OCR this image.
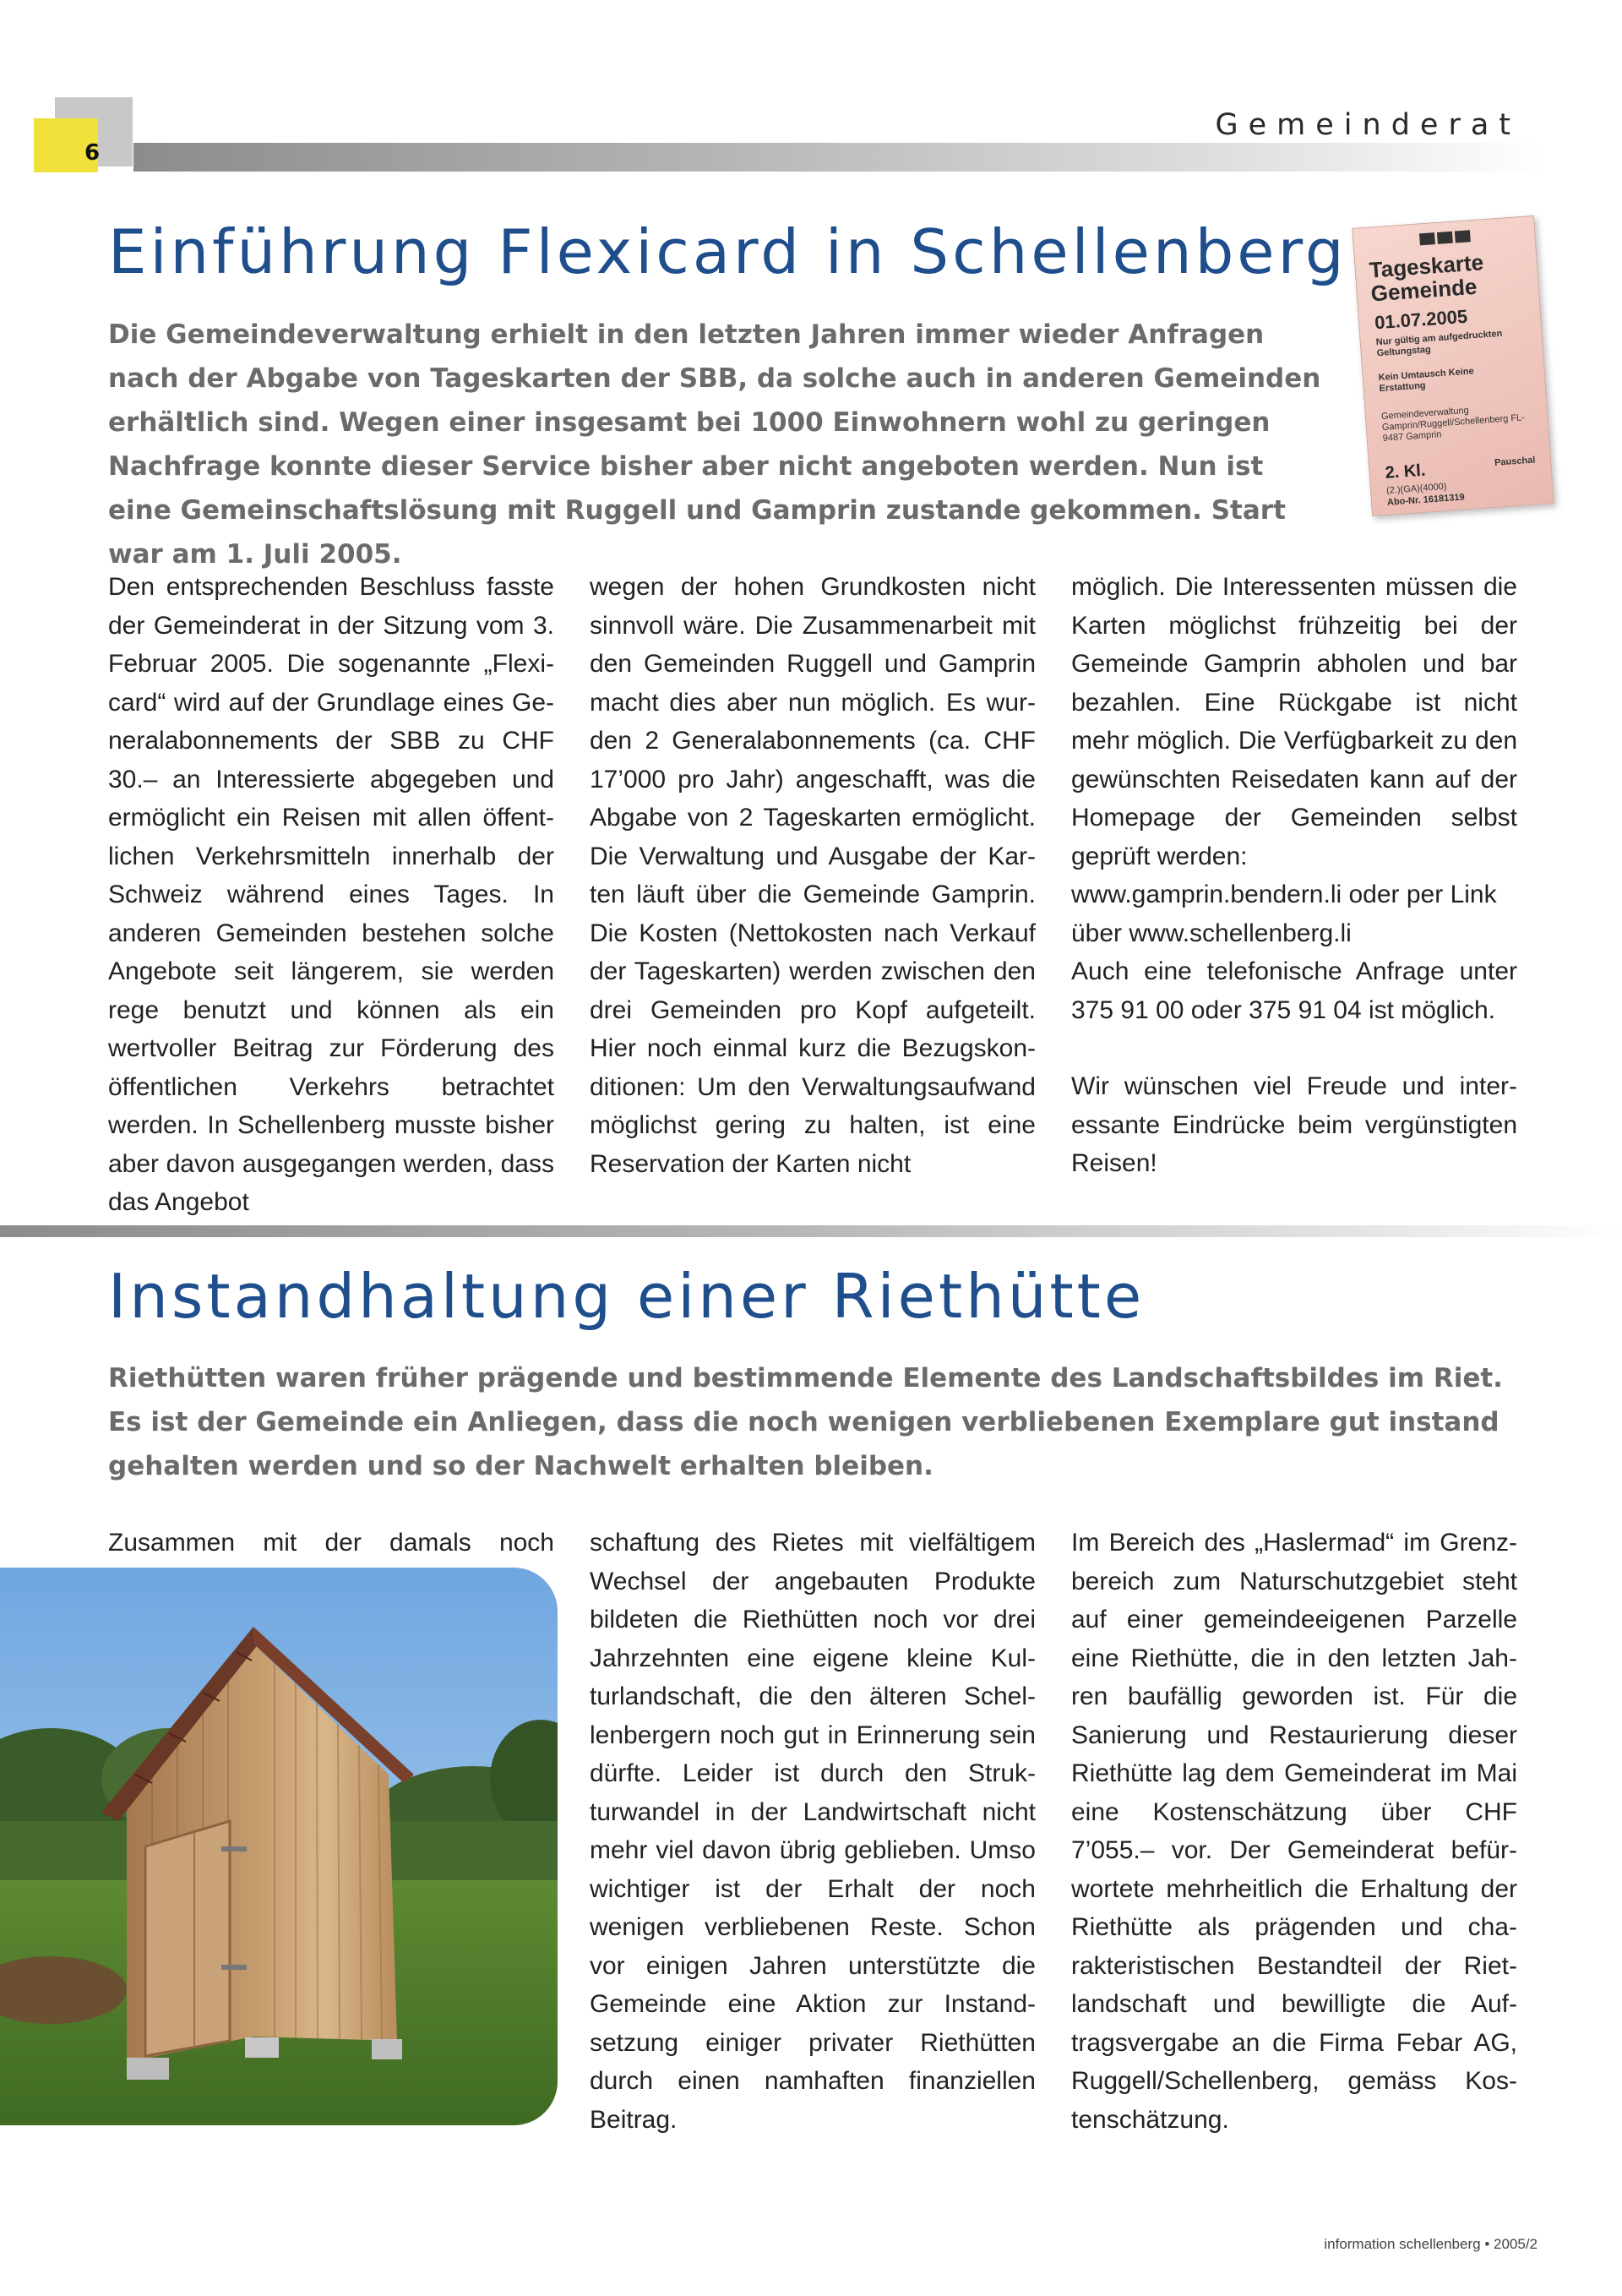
6
Gemeinderat
Einführung Flexicard in Schellenberg

Die Gemeindeverwaltung erhielt in den letzten Jahren immer wieder Anfragen nach der Abgabe von Tageskarten der SBB, da solche auch in anderen Gemeinden erhältlich sind. Wegen einer insgesamt bei 1000 Einwohnern wohl zu geringen Nachfrage konnte dieser Service bisher aber nicht angeboten werden. Nun ist eine Gemeinschaftslösung mit Ruggell und Gamprin zustande gekommen. Start war am 1. Juli 2005.

Tageskarte
Gemeinde
01.07.2005
Nur gültig am aufgedruckten Geltungstag
Kein Umtausch Keine Erstattung
Gemeindeverwaltung Gamprin/Ruggell/Schellenberg FL-9487 Gamprin
2. Kl.	Pauschal
(2.)(GA)(4000)
Abo-Nr. 16181319

Den entsprechenden Beschluss fasste der Gemeinderat in der Sitzung vom 3. Februar 2005. Die sogenannte „Flexicard“ wird auf der Grundlage eines Generalabonnements der SBB zu CHF 30.– an Interessierte abgegeben und ermöglicht ein Reisen mit allen öffentlichen Verkehrsmitteln innerhalb der Schweiz während eines Tages. In anderen Gemeinden bestehen solche Angebote seit längerem, sie werden rege benutzt und können als ein wertvoller Beitrag zur Förderung des öffentlichen Verkehrs betrachtet werden. In Schellenberg musste bisher aber davon ausgegangen werden, dass das Angebot

wegen der hohen Grundkosten nicht sinnvoll wäre. Die Zusammenarbeit mit den Gemeinden Ruggell und Gamprin macht dies aber nun möglich. Es wurden 2 Generalabonnements (ca. CHF 17’000 pro Jahr) angeschafft, was die Abgabe von 2 Tageskarten ermöglicht. Die Verwaltung und Ausgabe der Karten läuft über die Gemeinde Gamprin. Die Kosten (Nettokosten nach Verkauf der Tageskarten) werden zwischen den drei Gemeinden pro Kopf aufgeteilt. Hier noch einmal kurz die Bezugskonditionen: Um den Verwaltungsaufwand möglichst gering zu halten, ist eine Reservation der Karten nicht

möglich. Die Interessenten müssen die Karten möglichst frühzeitig bei der Gemeinde Gamprin abholen und bar bezahlen. Eine Rückgabe ist nicht mehr möglich. Die Verfügbarkeit zu den gewünschten Reisedaten kann auf der Homepage der Gemeinden selbst geprüft werden:

www.gamprin.bendern.li oder per Link über www.schellenberg.li

Auch eine telefonische Anfrage unter 375 91 00 oder 375 91 04 ist möglich.

Wir wünschen viel Freude und interessante Eindrücke beim vergünstigten Reisen!

Instandhaltung einer Riethütte

Riethütten waren früher prägende und bestimmende Elemente des Landschaftsbildes im Riet. Es ist der Gemeinde ein Anliegen, dass die noch wenigen verbliebenen Exemplare gut instand gehalten werden und so der Nachwelt erhalten bleiben.

Zusammen mit der damals noch schaftung des Rietes mit vielfältigem Wechsel der angebauten Produkte bildeten die Riethütten noch vor drei Jahrzehnten eine eigene kleine Kulturlandschaft, die den älteren Schellenbergern noch gut in Erinnerung sein dürfte. Leider ist durch den Strukturwandel in der Landwirtschaft nicht mehr viel davon übrig geblieben. Umso wichtiger ist der Erhalt der noch wenigen verbliebenen Reste. Schon vor einigen Jahren unterstützte die Gemeinde eine Aktion zur Instandsetzung einiger privater Riethütten durch einen namhaften finanziellen Beitrag.

Im Bereich des „Haslermad“ im Grenzbereich zum Naturschutzgebiet steht auf einer gemeindeeigenen Parzelle eine Riethütte, die in den letzten Jahren baufällig geworden ist. Für die Sanierung und Restaurierung dieser Riethütte lag dem Gemeinderat im Mai eine Kostenschätzung über CHF 7’055.– vor. Der Gemeinderat befürwortete mehrheitlich die Erhaltung der Riethütte als prägenden und charakteristischen Bestandteil der Rietlandschaft und bewilligte die Auftragsvergabe an die Firma Febar AG, Ruggell/Schellenberg, gemäss Kostenschätzung.

information schellenberg • 2005/2
